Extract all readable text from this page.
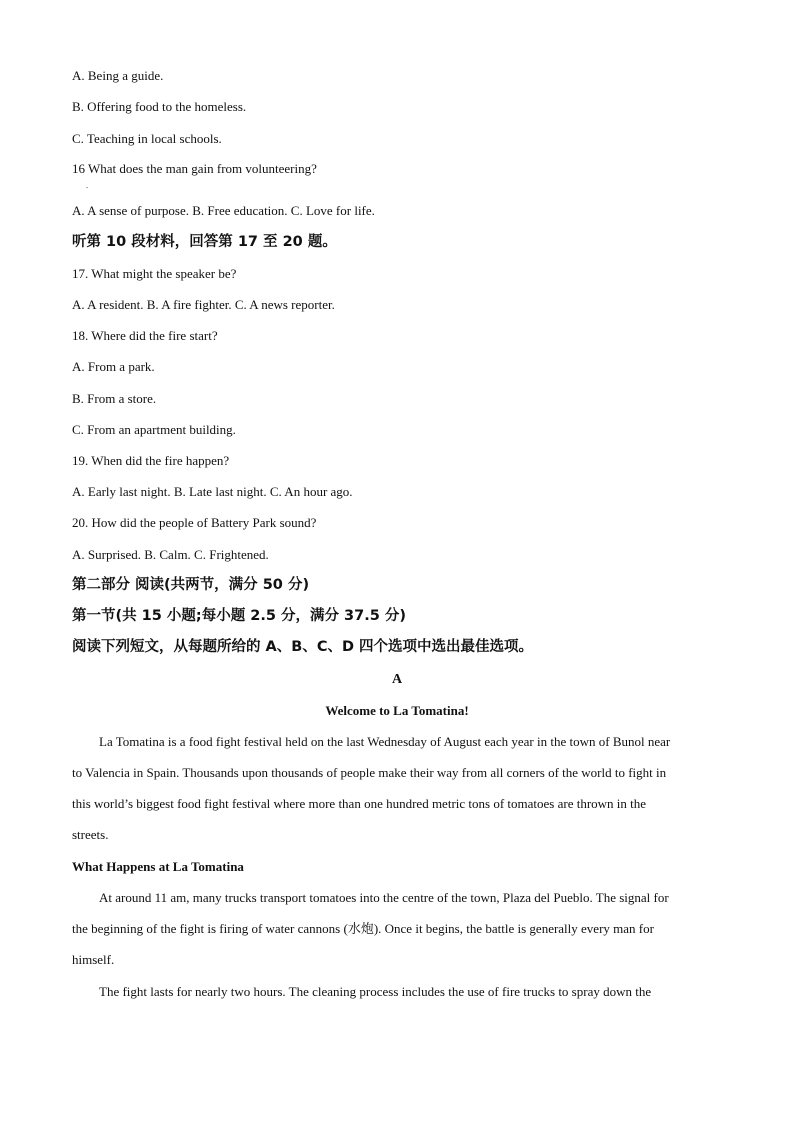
A. Being a guide.
B. Offering food to the homeless.
C. Teaching in local schools.
16 What does the man gain from volunteering?
.
A. A sense of purpose. B. Free education. C. Love for life.
听第 10 段材料，回答第 17 至 20 题。
17. What might the speaker be?
A. A resident. B. A fire fighter. C. A news reporter.
18. Where did the fire start?
A. From a park.
B. From a store.
C. From an apartment building.
19. When did the fire happen?
A. Early last night. B. Late last night. C. An hour ago.
20. How did the people of Battery Park sound?
A. Surprised. B. Calm. C. Frightened.
第二部分 阅读(共两节，满分 50 分)
第一节(共 15 小题;每小题 2.5 分，满分 37.5 分)
阅读下列短文，从每题所给的 A、B、C、D 四个选项中选出最佳选项。
A
Welcome to La Tomatina!
La Tomatina is a food fight festival held on the last Wednesday of August each year in the town of Bunol near
to Valencia in Spain. Thousands upon thousands of people make their way from all corners of the world to fight in
this world’s biggest food fight festival where more than one hundred metric tons of tomatoes are thrown in the
streets.
What Happens at La Tomatina
At around 11 am, many trucks transport tomatoes into the centre of the town, Plaza del Pueblo. The signal for
the beginning of the fight is firing of water cannons (水炮). Once it begins, the battle is generally every man for
himself.
The fight lasts for nearly two hours. The cleaning process includes the use of fire trucks to spray down the
